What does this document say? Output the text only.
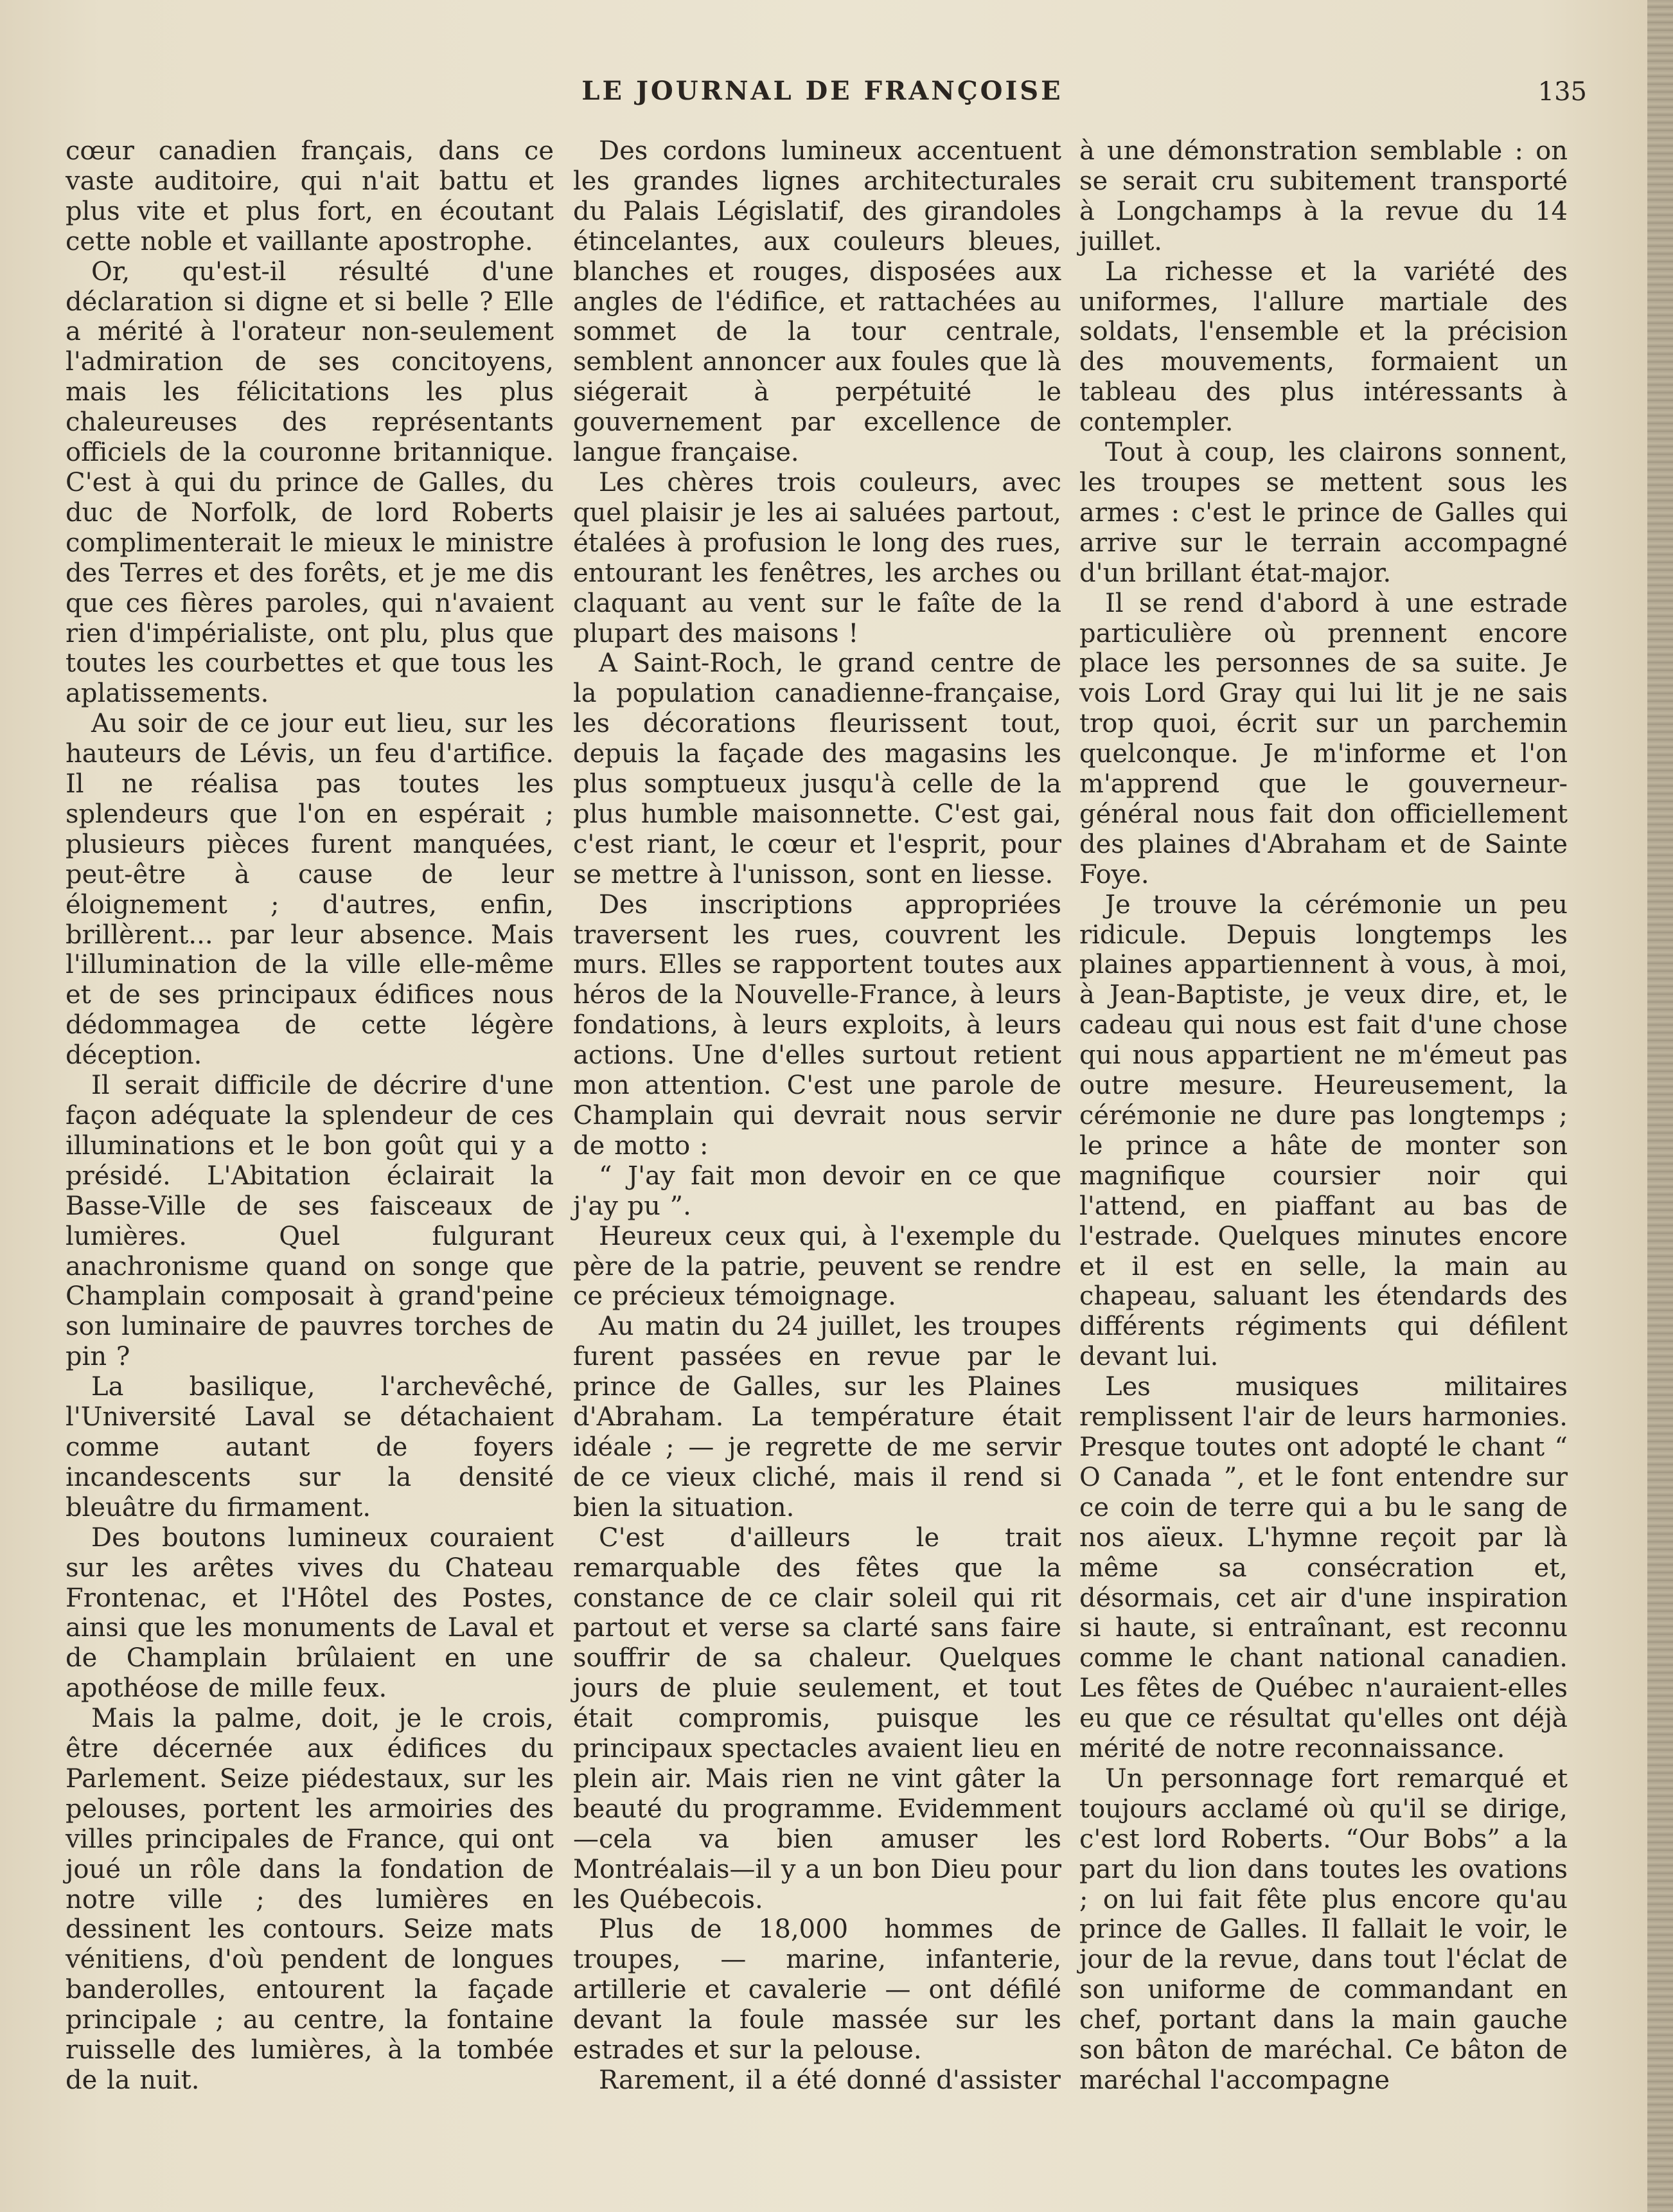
LE JOURNAL DE FRANÇOISE	135

cœur canadien français, dans ce vaste auditoire, qui n'ait battu et plus vite et plus fort, en écoutant cette noble et vaillante apostrophe.

Or, qu'est-il résulté d'une déclaration si digne et si belle ? Elle a mérité à l'orateur non-seulement l'admiration de ses concitoyens, mais les félicitations les plus chaleureuses des représentants officiels de la couronne britannique. C'est à qui du prince de Galles, du duc de Norfolk, de lord Roberts complimenterait le mieux le ministre des Terres et des forêts, et je me dis que ces fières paroles, qui n'avaient rien d'impérialiste, ont plu, plus que toutes les courbettes et que tous les aplatissements.

Au soir de ce jour eut lieu, sur les hauteurs de Lévis, un feu d'artifice. Il ne réalisa pas toutes les splendeurs que l'on en espérait ; plusieurs pièces furent manquées, peut-être à cause de leur éloignement ; d'autres, enfin, brillèrent... par leur absence. Mais l'illumination de la ville elle-même et de ses principaux édifices nous dédommagea de cette légère déception.

Il serait difficile de décrire d'une façon adéquate la splendeur de ces illuminations et le bon goût qui y a présidé. L'Abitation éclairait la Basse-Ville de ses faisceaux de lumières. Quel fulgurant anachronisme quand on songe que Champlain composait à grand'peine son luminaire de pauvres torches de pin ?

La basilique, l'archevêché, l'Université Laval se détachaient comme autant de foyers incandescents sur la densité bleuâtre du firmament.

Des boutons lumineux couraient sur les arêtes vives du Chateau Frontenac, et l'Hôtel des Postes, ainsi que les monuments de Laval et de Champlain brûlaient en une apothéose de mille feux.

Mais la palme, doit, je le crois, être décernée aux édifices du Parlement. Seize piédestaux, sur les pelouses, portent les armoiries des villes principales de France, qui ont joué un rôle dans la fondation de notre ville ; des lumières en dessinent les contours. Seize mats vénitiens, d'où pendent de longues banderolles, entourent la façade principale ; au centre, la fontaine ruisselle des lumières, à la tombée de la nuit.

Des cordons lumineux accentuent les grandes lignes architecturales du Palais Législatif, des girandoles étincelantes, aux couleurs bleues, blanches et rouges, disposées aux angles de l'édifice, et rattachées au sommet de la tour centrale, semblent annoncer aux foules que là siégerait à perpétuité le gouvernement par excellence de langue française.

Les chères trois couleurs, avec quel plaisir je les ai saluées partout, étalées à profusion le long des rues, entourant les fenêtres, les arches ou claquant au vent sur le faîte de la plupart des maisons !

A Saint-Roch, le grand centre de la population canadienne-française, les décorations fleurissent tout, depuis la façade des magasins les plus somptueux jusqu'à celle de la plus humble maisonnette. C'est gai, c'est riant, le cœur et l'esprit, pour se mettre à l'unisson, sont en liesse.

Des inscriptions appropriées traversent les rues, couvrent les murs. Elles se rapportent toutes aux héros de la Nouvelle-France, à leurs fondations, à leurs exploits, à leurs actions. Une d'elles surtout retient mon attention. C'est une parole de Champlain qui devrait nous servir de motto :

“ J'ay fait mon devoir en ce que j'ay pu ”.

Heureux ceux qui, à l'exemple du père de la patrie, peuvent se rendre ce précieux témoignage.

Au matin du 24 juillet, les troupes furent passées en revue par le prince de Galles, sur les Plaines d'Abraham. La température était idéale ; — je regrette de me servir de ce vieux cliché, mais il rend si bien la situation.

C'est d'ailleurs le trait remarquable des fêtes que la constance de ce clair soleil qui rit partout et verse sa clarté sans faire souffrir de sa chaleur. Quelques jours de pluie seulement, et tout était compromis, puisque les principaux spectacles avaient lieu en plein air. Mais rien ne vint gâter la beauté du programme. Evidemment—cela va bien amuser les Montréalais—il y a un bon Dieu pour les Québecois.

Plus de 18,000 hommes de troupes, — marine, infanterie, artillerie et cavalerie — ont défilé devant la foule massée sur les estrades et sur la pelouse.

Rarement, il a été donné d'assister

à une démonstration semblable : on se serait cru subitement transporté à Longchamps à la revue du 14 juillet.

La richesse et la variété des uniformes, l'allure martiale des soldats, l'ensemble et la précision des mouvements, formaient un tableau des plus intéressants à contempler.

Tout à coup, les clairons sonnent, les troupes se mettent sous les armes : c'est le prince de Galles qui arrive sur le terrain accompagné d'un brillant état-major.

Il se rend d'abord à une estrade particulière où prennent encore place les personnes de sa suite. Je vois Lord Gray qui lui lit je ne sais trop quoi, écrit sur un parchemin quelconque. Je m'informe et l'on m'apprend que le gouverneur-général nous fait don officiellement des plaines d'Abraham et de Sainte Foye.

Je trouve la cérémonie un peu ridicule. Depuis longtemps les plaines appartiennent à vous, à moi, à Jean-Baptiste, je veux dire, et, le cadeau qui nous est fait d'une chose qui nous appartient ne m'émeut pas outre mesure. Heureusement, la cérémonie ne dure pas longtemps ; le prince a hâte de monter son magnifique coursier noir qui l'attend, en piaffant au bas de l'estrade. Quelques minutes encore et il est en selle, la main au chapeau, saluant les étendards des différents régiments qui défilent devant lui.

Les musiques militaires remplissent l'air de leurs harmonies. Presque toutes ont adopté le chant “ O Canada ”, et le font entendre sur ce coin de terre qui a bu le sang de nos aïeux. L'hymne reçoit par là même sa consécration et, désormais, cet air d'une inspiration si haute, si entraînant, est reconnu comme le chant national canadien. Les fêtes de Québec n'auraient-elles eu que ce résultat qu'elles ont déjà mérité de notre reconnaissance.

Un personnage fort remarqué et toujours acclamé où qu'il se dirige, c'est lord Roberts. “Our Bobs” a la part du lion dans toutes les ovations ; on lui fait fête plus encore qu'au prince de Galles. Il fallait le voir, le jour de la revue, dans tout l'éclat de son uniforme de commandant en chef, portant dans la main gauche son bâton de maréchal. Ce bâton de maréchal l'accompagne
